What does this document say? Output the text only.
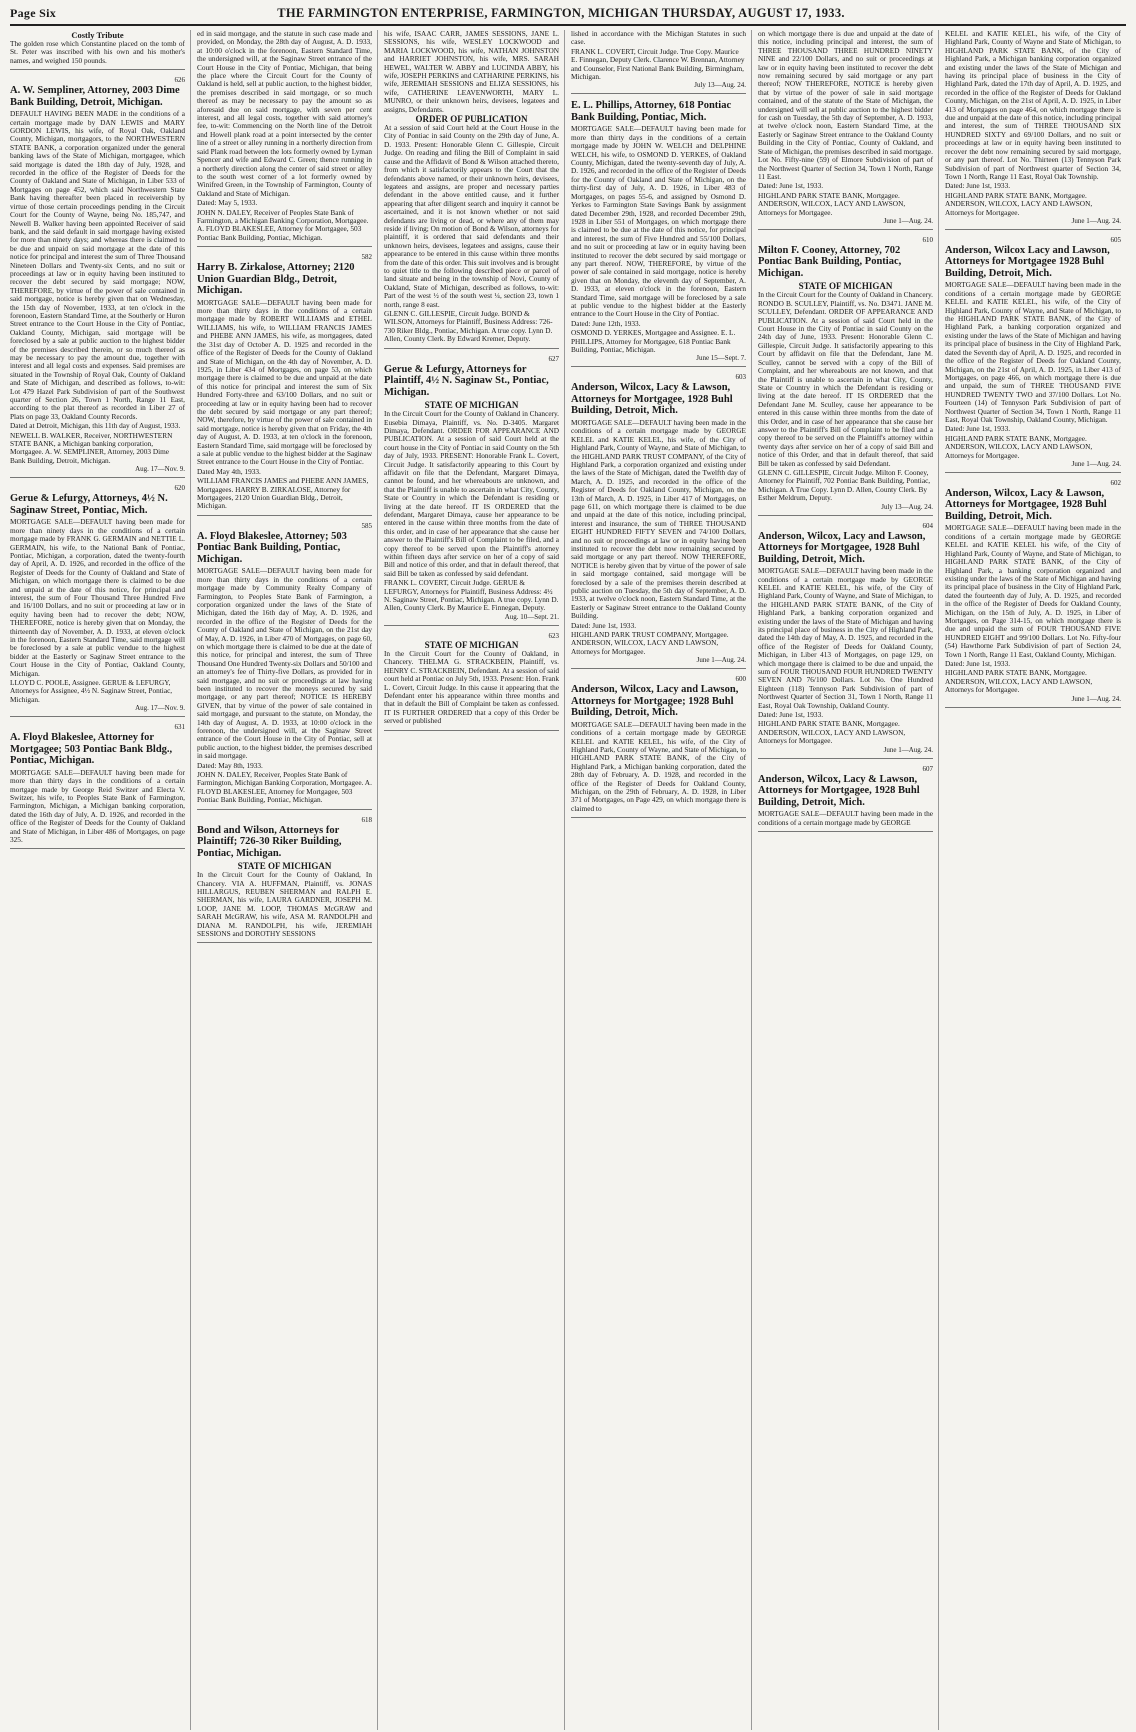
Page Six	THE FARMINGTON ENTERPRISE, FARMINGTON, MICHIGAN THURSDAY, AUGUST 17, 1933.
Costly Tribute

The golden rose which Constantine placed on the tomb of St. Peter was inscribed with his own and his mother's names, and weighed 150 pounds.

626
A. W. Sempliner, Attorney, 2003 Dime Bank Building, Detroit, Michigan.

DEFAULT HAVING BEEN MADE in the conditions of a certain mortgage made by DAN LEWIS and MARY GORDON LEWIS, his wife, of Royal Oak, Oakland County, Michigan, mortgagors, to the NORTHWESTERN STATE BANK, a corporation organized under the general banking laws of the State of Michigan, mortgagee, which said mortgage is dated the 18th day of July, 1928, and recorded in the office of the Register of Deeds for the County of Oakland and State of Michigan, in Liber 533 of Mortgages on page 452, which said Northwestern State Bank having thereafter been placed in receivership by virtue of those certain proceedings pending in the Circuit Court for the County of Wayne, being No. 185,747, and Newell B. Walker having been appointed Receiver of said bank, and the said default in said mortgage having existed for more than ninety days; and whereas there is claimed to be due and unpaid on said mortgage at the date of this notice for principal and interest the sum of Three Thousand Nineteen Dollars and Twenty-six Cents, and no suit or proceedings at law or in equity having been instituted to recover the debt secured by said mortgage; NOW, THEREFORE, by virtue of the power of sale contained in said mortgage, notice is hereby given that on Wednesday, the 15th day of November, 1933, at ten o'clock in the forenoon, Eastern Standard Time, at the Southerly or Huron Street entrance to the Court House in the City of Pontiac, Oakland County, Michigan, said mortgage will be foreclosed by a sale at public auction to the highest bidder of the premises described therein, or so much thereof as may be necessary to pay the amount due, together with interest and all legal costs and expenses. Said premises are situated in the Township of Royal Oak, County of Oakland and State of Michigan, and described as follows, to-wit: Lot 479 Hazel Park Subdivision of part of the Southwest quarter of Section 26, Town 1 North, Range 11 East, according to the plat thereof as recorded in Liber 27 of Plats on page 33, Oakland County Records.

Dated at Detroit, Michigan, this 11th day of August, 1933.
NEWELL B. WALKER, Receiver, NORTHWESTERN STATE BANK, a Michigan banking corporation, Mortgagee. A. W. SEMPLINER, Attorney, 2003 Dime Bank Building, Detroit, Michigan.
Aug. 17—Nov. 9.
620
Gerue & Lefurgy, Attorneys, 4½ N. Saginaw Street, Pontiac, Mich.

MORTGAGE SALE—DEFAULT having been made for more than ninety days in the conditions of a certain mortgage made by FRANK G. GERMAIN and NETTIE L. GERMAIN, his wife, to the National Bank of Pontiac, Pontiac, Michigan, a corporation, dated the twenty-fourth day of April, A. D. 1926, and recorded in the office of the Register of Deeds for the County of Oakland and State of Michigan, on which mortgage there is claimed to be due and unpaid at the date of this notice, for principal and interest, the sum of Four Thousand Three Hundred Five and 16/100 Dollars, and no suit or proceeding at law or in equity having been had to recover the debt; NOW, THEREFORE, notice is hereby given that on Monday, the thirteenth day of November, A. D. 1933, at eleven o'clock in the forenoon, Eastern Standard Time, said mortgage will be foreclosed by a sale at public vendue to the highest bidder at the Easterly or Saginaw Street entrance to the Court House in the City of Pontiac, Oakland County, Michigan.

LLOYD C. POOLE, Assignee. GERUE & LEFURGY, Attorneys for Assignee, 4½ N. Saginaw Street, Pontiac, Michigan.
Aug. 17—Nov. 9.
631
A. Floyd Blakeslee, Attorney for Mortgagee; 503 Pontiac Bank Bldg., Pontiac, Michigan.

MORTGAGE SALE—DEFAULT having been made for more than thirty days in the conditions of a certain mortgage made by George Reid Switzer and Electa V. Switzer, his wife, to Peoples State Bank of Farmington, Farmington, Michigan, a Michigan banking corporation, dated the 16th day of July, A. D. 1926, and recorded in the office of the Register of Deeds for the County of Oakland and State of Michigan, in Liber 486 of Mortgages, on page 325.

ed in said mortgage, and the statute in such case made and provided, on Monday, the 28th day of August, A. D. 1933, at 10:00 o'clock in the forenoon, Eastern Standard Time, the undersigned will, at the Saginaw Street entrance of the Court House in the City of Pontiac, Michigan, that being the place where the Circuit Court for the County of Oakland is held, sell at public auction, to the highest bidder, the premises described in said mortgage, or so much thereof as may be necessary to pay the amount so as aforesaid due on said mortgage, with seven per cent interest, and all legal costs, together with said attorney's fee, to-wit: Commencing on the North line of the Detroit and Howell plank road at a point intersected by the center line of a street or alley running in a northerly direction from said Plank road between the lots formerly owned by Lyman Spencer and wife and Edward C. Green; thence running in a northerly direction along the center of said street or alley to the south west corner of a lot formerly owned by Winifred Green, in the Township of Farmington, County of Oakland and State of Michigan.

Dated: May 5, 1933.
JOHN N. DALEY, Receiver of Peoples State Bank of Farmington, a Michigan Banking Corporation, Mortgagee. A. FLOYD BLAKESLEE, Attorney for Mortgagee, 503 Pontiac Bank Building, Pontiac, Michigan.
582
Harry B. Zirkalose, Attorney; 2120 Union Guardian Bldg., Detroit, Michigan.

MORTGAGE SALE—DEFAULT having been made for more than thirty days in the conditions of a certain mortgage made by ROBERT WILLIAMS and ETHEL WILLIAMS, his wife, to WILLIAM FRANCIS JAMES and PHEBE ANN JAMES, his wife, as mortgagees, dated the 31st day of October A. D. 1925 and recorded in the office of the Register of Deeds for the County of Oakland and State of Michigan, on the 4th day of November, A. D. 1925, in Liber 434 of Mortgages, on page 53, on which mortgage there is claimed to be due and unpaid at the date of this notice for principal and interest the sum of Six Hundred Forty-three and 63/100 Dollars, and no suit or proceeding at law or in equity having been had to recover the debt secured by said mortgage or any part thereof; NOW, therefore, by virtue of the power of sale contained in said mortgage, notice is hereby given that on Friday, the 4th day of August, A. D. 1933, at ten o'clock in the forenoon, Eastern Standard Time, said mortgage will be foreclosed by a sale at public vendue to the highest bidder at the Saginaw Street entrance to the Court House in the City of Pontiac.

Dated May 4th, 1933.
WILLIAM FRANCIS JAMES and PHEBE ANN JAMES, Mortgagees. HARRY B. ZIRKALOSE, Attorney for Mortgagees, 2120 Union Guardian Bldg., Detroit, Michigan.
585
A. Floyd Blakeslee, Attorney; 503 Pontiac Bank Building, Pontiac, Michigan.

MORTGAGE SALE—DEFAULT having been made for more than thirty days in the conditions of a certain mortgage made by Community Realty Company of Farmington, to Peoples State Bank of Farmington, a corporation organized under the laws of the State of Michigan, dated the 16th day of May, A. D. 1926, and recorded in the office of the Register of Deeds for the County of Oakland and State of Michigan, on the 21st day of May, A. D. 1926, in Liber 470 of Mortgages, on page 60, on which mortgage there is claimed to be due at the date of this notice, for principal and interest, the sum of Three Thousand One Hundred Twenty-six Dollars and 50/100 and an attorney's fee of Thirty-five Dollars, as provided for in said mortgage, and no suit or proceedings at law having been instituted to recover the moneys secured by said mortgage, or any part thereof; NOTICE IS HEREBY GIVEN, that by virtue of the power of sale contained in said mortgage, and pursuant to the statute, on Monday, the 14th day of August, A. D. 1933, at 10:00 o'clock in the forenoon, the undersigned will, at the Saginaw Street entrance of the Court House in the City of Pontiac, sell at public auction, to the highest bidder, the premises described in said mortgage.

Dated: May 8th, 1933.
JOHN N. DALEY, Receiver, Peoples State Bank of Farmington, Michigan Banking Corporation, Mortgagee. A. FLOYD BLAKESLEE, Attorney for Mortgagee, 503 Pontiac Bank Building, Pontiac, Michigan.
618
Bond and Wilson, Attorneys for Plaintiff; 726-30 Riker Building, Pontiac, Michigan.
STATE OF MICHIGAN

In the Circuit Court for the County of Oakland, In Chancery. VIA A. HUFFMAN, Plaintiff, vs. JONAS HILLARGUS, REUBEN SHERMAN and RALPH E. SHERMAN, his wife, LAURA GARDNER, JOSEPH M. LOOP, JANE M. LOOP, THOMAS McGRAW and SARAH McGRAW, his wife, ASA M. RANDOLPH and DIANA M. RANDOLPH, his wife, JEREMIAH SESSIONS and DOROTHY SESSIONS

his wife, ISAAC CARR, JAMES SESSIONS, JANE L. SESSIONS, his wife, WESLEY LOCKWOOD and MARIA LOCKWOOD, his wife, NATHAN JOHNSTON and HARRIET JOHNSTON, his wife, MRS. SARAH HEWEL, WALTER W. ABBY and LUCINDA ABBY, his wife, JOSEPH PERKINS and CATHARINE PERKINS, his wife, JEREMIAH SESSIONS and ELIZA SESSIONS, his wife, CATHERINE LEAVENWORTH, MARY L. MUNRO, or their unknown heirs, devisees, legatees and assigns, Defendants.

ORDER OF PUBLICATION

At a session of said Court held at the Court House in the City of Pontiac in said County on the 29th day of June, A. D. 1933. Present: Honorable Glenn C. Gillespie, Circuit Judge. On reading and filing the Bill of Complaint in said cause and the Affidavit of Bond & Wilson attached thereto, from which it satisfactorily appears to the Court that the defendants above named, or their unknown heirs, devisees, legatees and assigns, are proper and necessary parties defendant in the above entitled cause, and it further appearing that after diligent search and inquiry it cannot be ascertained, and it is not known whether or not said defendants are living or dead, or where any of them may reside if living; On motion of Bond & Wilson, attorneys for plaintiff, it is ordered that said defendants and their unknown heirs, devisees, legatees and assigns, cause their appearance to be entered in this cause within three months from the date of this order. This suit involves and is brought to quiet title to the following described piece or parcel of land situate and being in the township of Novi, County of Oakland, State of Michigan, described as follows, to-wit: Part of the west ½ of the south west ¼, section 23, town 1 north, range 8 east.

GLENN C. GILLESPIE, Circuit Judge. BOND & WILSON, Attorneys for Plaintiff, Business Address: 726-730 Riker Bldg., Pontiac, Michigan. A true copy. Lynn D. Allen, County Clerk. By Edward Kremer, Deputy.
627
Gerue & Lefurgy, Attorneys for Plaintiff, 4½ N. Saginaw St., Pontiac, Michigan.
STATE OF MICHIGAN

In the Circuit Court for the County of Oakland in Chancery. Eusebia Dimaya, Plaintiff, vs. No. D-3405. Margaret Dimaya, Defendant. ORDER FOR APPEARANCE AND PUBLICATION. At a session of said Court held at the court house in the City of Pontiac in said County on the 5th day of July, 1933. PRESENT: Honorable Frank L. Covert, Circuit Judge. It satisfactorily appearing to this Court by affidavit on file that the Defendant, Margaret Dimaya, cannot be found, and her whereabouts are unknown, and that the Plaintiff is unable to ascertain in what City, County, State or Country in which the Defendant is residing or living at the date hereof. IT IS ORDERED that the defendant, Margaret Dimaya, cause her appearance to be entered in the cause within three months from the date of this order, and in case of her appearance that she cause her answer to the Plaintiff's Bill of Complaint to be filed, and a copy thereof to be served upon the Plaintiff's attorney within fifteen days after service on her of a copy of said Bill and notice of this order, and that in default thereof, that said Bill be taken as confessed by said defendant.

FRANK L. COVERT, Circuit Judge. GERUE & LEFURGY, Attorneys for Plaintiff, Business Address: 4½ N. Saginaw Street, Pontiac, Michigan. A true copy. Lynn D. Allen, County Clerk. By Maurice E. Finnegan, Deputy.
Aug. 10—Sept. 21.
623
STATE OF MICHIGAN

In the Circuit Court for the County of Oakland, in Chancery. THELMA G. STRACKBEIN, Plaintiff, vs. HENRY C. STRACKBEIN, Defendant. At a session of said court held at Pontiac on July 5th, 1933. Present: Hon. Frank L. Covert, Circuit Judge. In this cause it appearing that the Defendant enter his appearance within three months and that in default the Bill of Complaint be taken as confessed. IT IS FURTHER ORDERED that a copy of this Order be served or published

lished in accordance with the Michigan Statutes in such case.

FRANK L. COVERT, Circuit Judge. True Copy. Maurice E. Finnegan, Deputy Clerk. Clarence W. Brennan, Attorney and Counselor, First National Bank Building, Birmingham, Michigan.
July 13—Aug. 24.
E. L. Phillips, Attorney, 618 Pontiac Bank Building, Pontiac, Mich.

MORTGAGE SALE—DEFAULT having been made for more than thirty days in the conditions of a certain mortgage made by JOHN W. WELCH and DELPHINE WELCH, his wife, to OSMOND D. YERKES, of Oakland County, Michigan, dated the twenty-seventh day of July, A. D. 1926, and recorded in the office of the Register of Deeds for the County of Oakland and State of Michigan, on the thirty-first day of July, A. D. 1926, in Liber 483 of Mortgages, on pages 55-6, and assigned by Osmond D. Yerkes to Farmington State Savings Bank by assignment dated December 29th, 1928, and recorded December 29th, 1928 in Liber 551 of Mortgages, on which mortgage there is claimed to be due at the date of this notice, for principal and interest, the sum of Five Hundred and 55/100 Dollars, and no suit or proceeding at law or in equity having been instituted to recover the debt secured by said mortgage or any part thereof. NOW, THEREFORE, by virtue of the power of sale contained in said mortgage, notice is hereby given that on Monday, the eleventh day of September, A. D. 1933, at eleven o'clock in the forenoon, Eastern Standard Time, said mortgage will be foreclosed by a sale at public vendue to the highest bidder at the Easterly entrance to the Court House in the City of Pontiac.

Dated: June 12th, 1933.
OSMOND D. YERKES, Mortgagee and Assignee. E. L. PHILLIPS, Attorney for Mortgagee, 618 Pontiac Bank Building, Pontiac, Michigan.
June 15—Sept. 7.
603
Anderson, Wilcox, Lacy & Lawson, Attorneys for Mortgagee, 1928 Buhl Building, Detroit, Mich.

MORTGAGE SALE—DEFAULT having been made in the conditions of a certain mortgage made by GEORGE KELEL and KATIE KELEL, his wife, of the City of Highland Park, County of Wayne, and State of Michigan, to the HIGHLAND PARK TRUST COMPANY, of the City of Highland Park, a corporation organized and existing under the laws of the State of Michigan, dated the Twelfth day of March, A. D. 1925, and recorded in the office of the Register of Deeds for Oakland County, Michigan, on the 13th of March, A. D. 1925, in Liber 417 of Mortgages, on page 611, on which mortgage there is claimed to be due and unpaid at the date of this notice, including principal, interest and insurance, the sum of THREE THOUSAND EIGHT HUNDRED FIFTY SEVEN and 74/100 Dollars, and no suit or proceedings at law or in equity having been instituted to recover the debt now remaining secured by said mortgage or any part thereof. NOW THEREFORE, NOTICE is hereby given that by virtue of the power of sale in said mortgage contained, said mortgage will be foreclosed by a sale of the premises therein described at public auction on Tuesday, the 5th day of September, A. D. 1933, at twelve o'clock noon, Eastern Standard Time, at the Easterly or Saginaw Street entrance to the Oakland County Building.

Dated: June 1st, 1933.
HIGHLAND PARK TRUST COMPANY, Mortgagee. ANDERSON, WILCOX, LACY AND LAWSON, Attorneys for Mortgagee.
June 1—Aug. 24.
600
Anderson, Wilcox, Lacy and Lawson, Attorneys for Mortgagee; 1928 Buhl Building, Detroit, Mich.

MORTGAGE SALE—DEFAULT having been made in the conditions of a certain mortgage made by GEORGE KELEL and KATIE KELEL, his wife, of the City of Highland Park, County of Wayne, and State of Michigan, to HIGHLAND PARK STATE BANK, of the City of Highland Park, a Michigan banking corporation, dated the 28th day of February, A. D. 1928, and recorded in the office of the Register of Deeds for Oakland County, Michigan, on the 29th of February, A. D. 1928, in Liber 371 of Mortgages, on Page 429, on which mortgage there is claimed to

on which mortgage there is due and unpaid at the date of this notice, including principal and interest, the sum of THREE THOUSAND THREE HUNDRED NINETY NINE and 22/100 Dollars, and no suit or proceedings at law or in equity having been instituted to recover the debt now remaining secured by said mortgage or any part thereof; NOW THEREFORE, NOTICE is hereby given that by virtue of the power of sale in said mortgage contained, and of the statute of the State of Michigan, the undersigned will sell at public auction to the highest bidder for cash on Tuesday, the 5th day of September, A. D. 1933, at twelve o'clock noon, Eastern Standard Time, at the Easterly or Saginaw Street entrance to the Oakland County Building in the City of Pontiac, County of Oakland, and State of Michigan, the premises described in said mortgage. Lot No. Fifty-nine (59) of Elmore Subdivision of part of the Northwest Quarter of Section 34, Town 1 North, Range 11 East.

Dated: June 1st, 1933.
HIGHLAND PARK STATE BANK, Mortgagee. ANDERSON, WILCOX, LACY AND LAWSON, Attorneys for Mortgagee.
June 1—Aug. 24.
610
Milton F. Cooney, Attorney, 702 Pontiac Bank Building, Pontiac, Michigan.
STATE OF MICHIGAN

In the Circuit Court for the County of Oakland in Chancery. RONDO B. SCULLEY, Plaintiff, vs. No. D3471. JANE M. SCULLEY, Defendant. ORDER OF APPEARANCE AND PUBLICATION. At a session of said Court held in the Court House in the City of Pontiac in said County on the 24th day of June, 1933. Present: Honorable Glenn C. Gillespie, Circuit Judge. It satisfactorily appearing to this Court by affidavit on file that the Defendant, Jane M. Sculley, cannot be served with a copy of the Bill of Complaint, and her whereabouts are not known, and that the Plaintiff is unable to ascertain in what City, County, State or Country in which the Defendant is residing or living at the date hereof. IT IS ORDERED that the Defendant Jane M. Sculley, cause her appearance to be entered in this cause within three months from the date of this Order, and in case of her appearance that she cause her answer to the Plaintiff's Bill of Complaint to be filed and a copy thereof to be served on the Plaintiff's attorney within twenty days after service on her of a copy of said Bill and notice of this Order, and that in default thereof, that said Bill be taken as confessed by said Defendant.

GLENN C. GILLESPIE, Circuit Judge. Milton F. Cooney, Attorney for Plaintiff, 702 Pontiac Bank Building, Pontiac, Michigan. A True Copy. Lynn D. Allen, County Clerk. By Esther Meldrum, Deputy.
July 13—Aug. 24.
604
Anderson, Wilcox, Lacy and Lawson, Attorneys for Mortgagee, 1928 Buhl Building, Detroit, Mich.

MORTGAGE SALE—DEFAULT having been made in the conditions of a certain mortgage made by GEORGE KELEL and KATIE KELEL, his wife, of the City of Highland Park, County of Wayne, and State of Michigan, to the HIGHLAND PARK STATE BANK, of the City of Highland Park, a banking corporation organized and existing under the laws of the State of Michigan and having its principal place of business in the City of Highland Park, dated the 14th day of May, A. D. 1925, and recorded in the office of the Register of Deeds for Oakland County, Michigan, in Liber 413 of Mortgages, on page 129, on which mortgage there is claimed to be due and unpaid, the sum of FOUR THOUSAND FOUR HUNDRED TWENTY SEVEN AND 76/100 Dollars. Lot No. One Hundred Eighteen (118) Tennyson Park Subdivision of part of Northwest Quarter of Section 31, Town 1 North, Range 11 East, Royal Oak Township, Oakland County.

Dated: June 1st, 1933.
HIGHLAND PARK STATE BANK, Mortgagee. ANDERSON, WILCOX, LACY AND LAWSON, Attorneys for Mortgagee.
June 1—Aug. 24.
607
Anderson, Wilcox, Lacy & Lawson, Attorneys for Mortgagee, 1928 Buhl Building, Detroit, Mich.

MORTGAGE SALE—DEFAULT having been made in the conditions of a certain mortgage made by GEORGE

KELEL and KATIE KELEL, his wife, of the City of Highland Park, County of Wayne and State of Michigan, to HIGHLAND PARK STATE BANK, of the City of Highland Park, a Michigan banking corporation organized and existing under the laws of the State of Michigan and having its principal place of business in the City of Highland Park, dated the 17th day of April, A. D. 1925, and recorded in the office of the Register of Deeds for Oakland County, Michigan, on the 21st of April, A. D. 1925, in Liber 413 of Mortgages on page 464, on which mortgage there is due and unpaid at the date of this notice, including principal and interest, the sum of THREE THOUSAND SIX HUNDRED SIXTY and 69/100 Dollars, and no suit or proceedings at law or in equity having been instituted to recover the debt now remaining secured by said mortgage, or any part thereof. Lot No. Thirteen (13) Tennyson Park Subdivision of part of Northwest quarter of Section 34, Town 1 North, Range 11 East, Royal Oak Township.

Dated: June 1st, 1933.
HIGHLAND PARK STATE BANK, Mortgagee. ANDERSON, WILCOX, LACY AND LAWSON, Attorneys for Mortgagee.
June 1—Aug. 24.
605
Anderson, Wilcox Lacy and Lawson, Attorneys for Mortgagee 1928 Buhl Building, Detroit, Mich.

MORTGAGE SALE—DEFAULT having been made in the conditions of a certain mortgage made by GEORGE KELEL and KATIE KELEL, his wife, of the City of Highland Park, County of Wayne, and State of Michigan, to the HIGHLAND PARK STATE BANK, of the City of Highland Park, a banking corporation organized and existing under the laws of the State of Michigan and having its principal place of business in the City of Highland Park, dated the Seventh day of April, A. D. 1925, and recorded in the office of the Register of Deeds for Oakland County, Michigan, on the 21st of April, A. D. 1925, in Liber 413 of Mortgages, on page 466, on which mortgage there is due and unpaid, the sum of THREE THOUSAND FIVE HUNDRED TWENTY TWO and 37/100 Dollars. Lot No. Fourteen (14) of Tennyson Park Subdivision of part of Northwest Quarter of Section 34, Town 1 North, Range 11 East, Royal Oak Township, Oakland County, Michigan.

Dated: June 1st, 1933.
HIGHLAND PARK STATE BANK, Mortgagee. ANDERSON, WILCOX, LACY AND LAWSON, Attorneys for Mortgagee.
June 1—Aug. 24.
602
Anderson, Wilcox, Lacy & Lawson, Attorneys for Mortgagee, 1928 Buhl Building, Detroit, Mich.

MORTGAGE SALE—DEFAULT having been made in the conditions of a certain mortgage made by GEORGE KELEL and KATIE KELEL his wife, of the City of Highland Park, County of Wayne, and State of Michigan, to HIGHLAND PARK STATE BANK, of the City of Highland Park, a banking corporation organized and existing under the laws of the State of Michigan and having its principal place of business in the City of Highland Park, dated the fourteenth day of July, A. D. 1925, and recorded in the office of the Register of Deeds for Oakland County, Michigan, on the 15th of July, A. D. 1925, in Liber of Mortgages, on Page 314-15, on which mortgage there is due and unpaid the sum of FOUR THOUSAND FIVE HUNDRED EIGHT and 99/100 Dollars. Lot No. Fifty-four (54) Hawthorne Park Subdivision of part of Section 24, Town 1 North, Range 11 East, Oakland County, Michigan.

Dated: June 1st, 1933.
HIGHLAND PARK STATE BANK, Mortgagee. ANDERSON, WILCOX, LACY AND LAWSON, Attorneys for Mortgagee.
June 1—Aug. 24.
